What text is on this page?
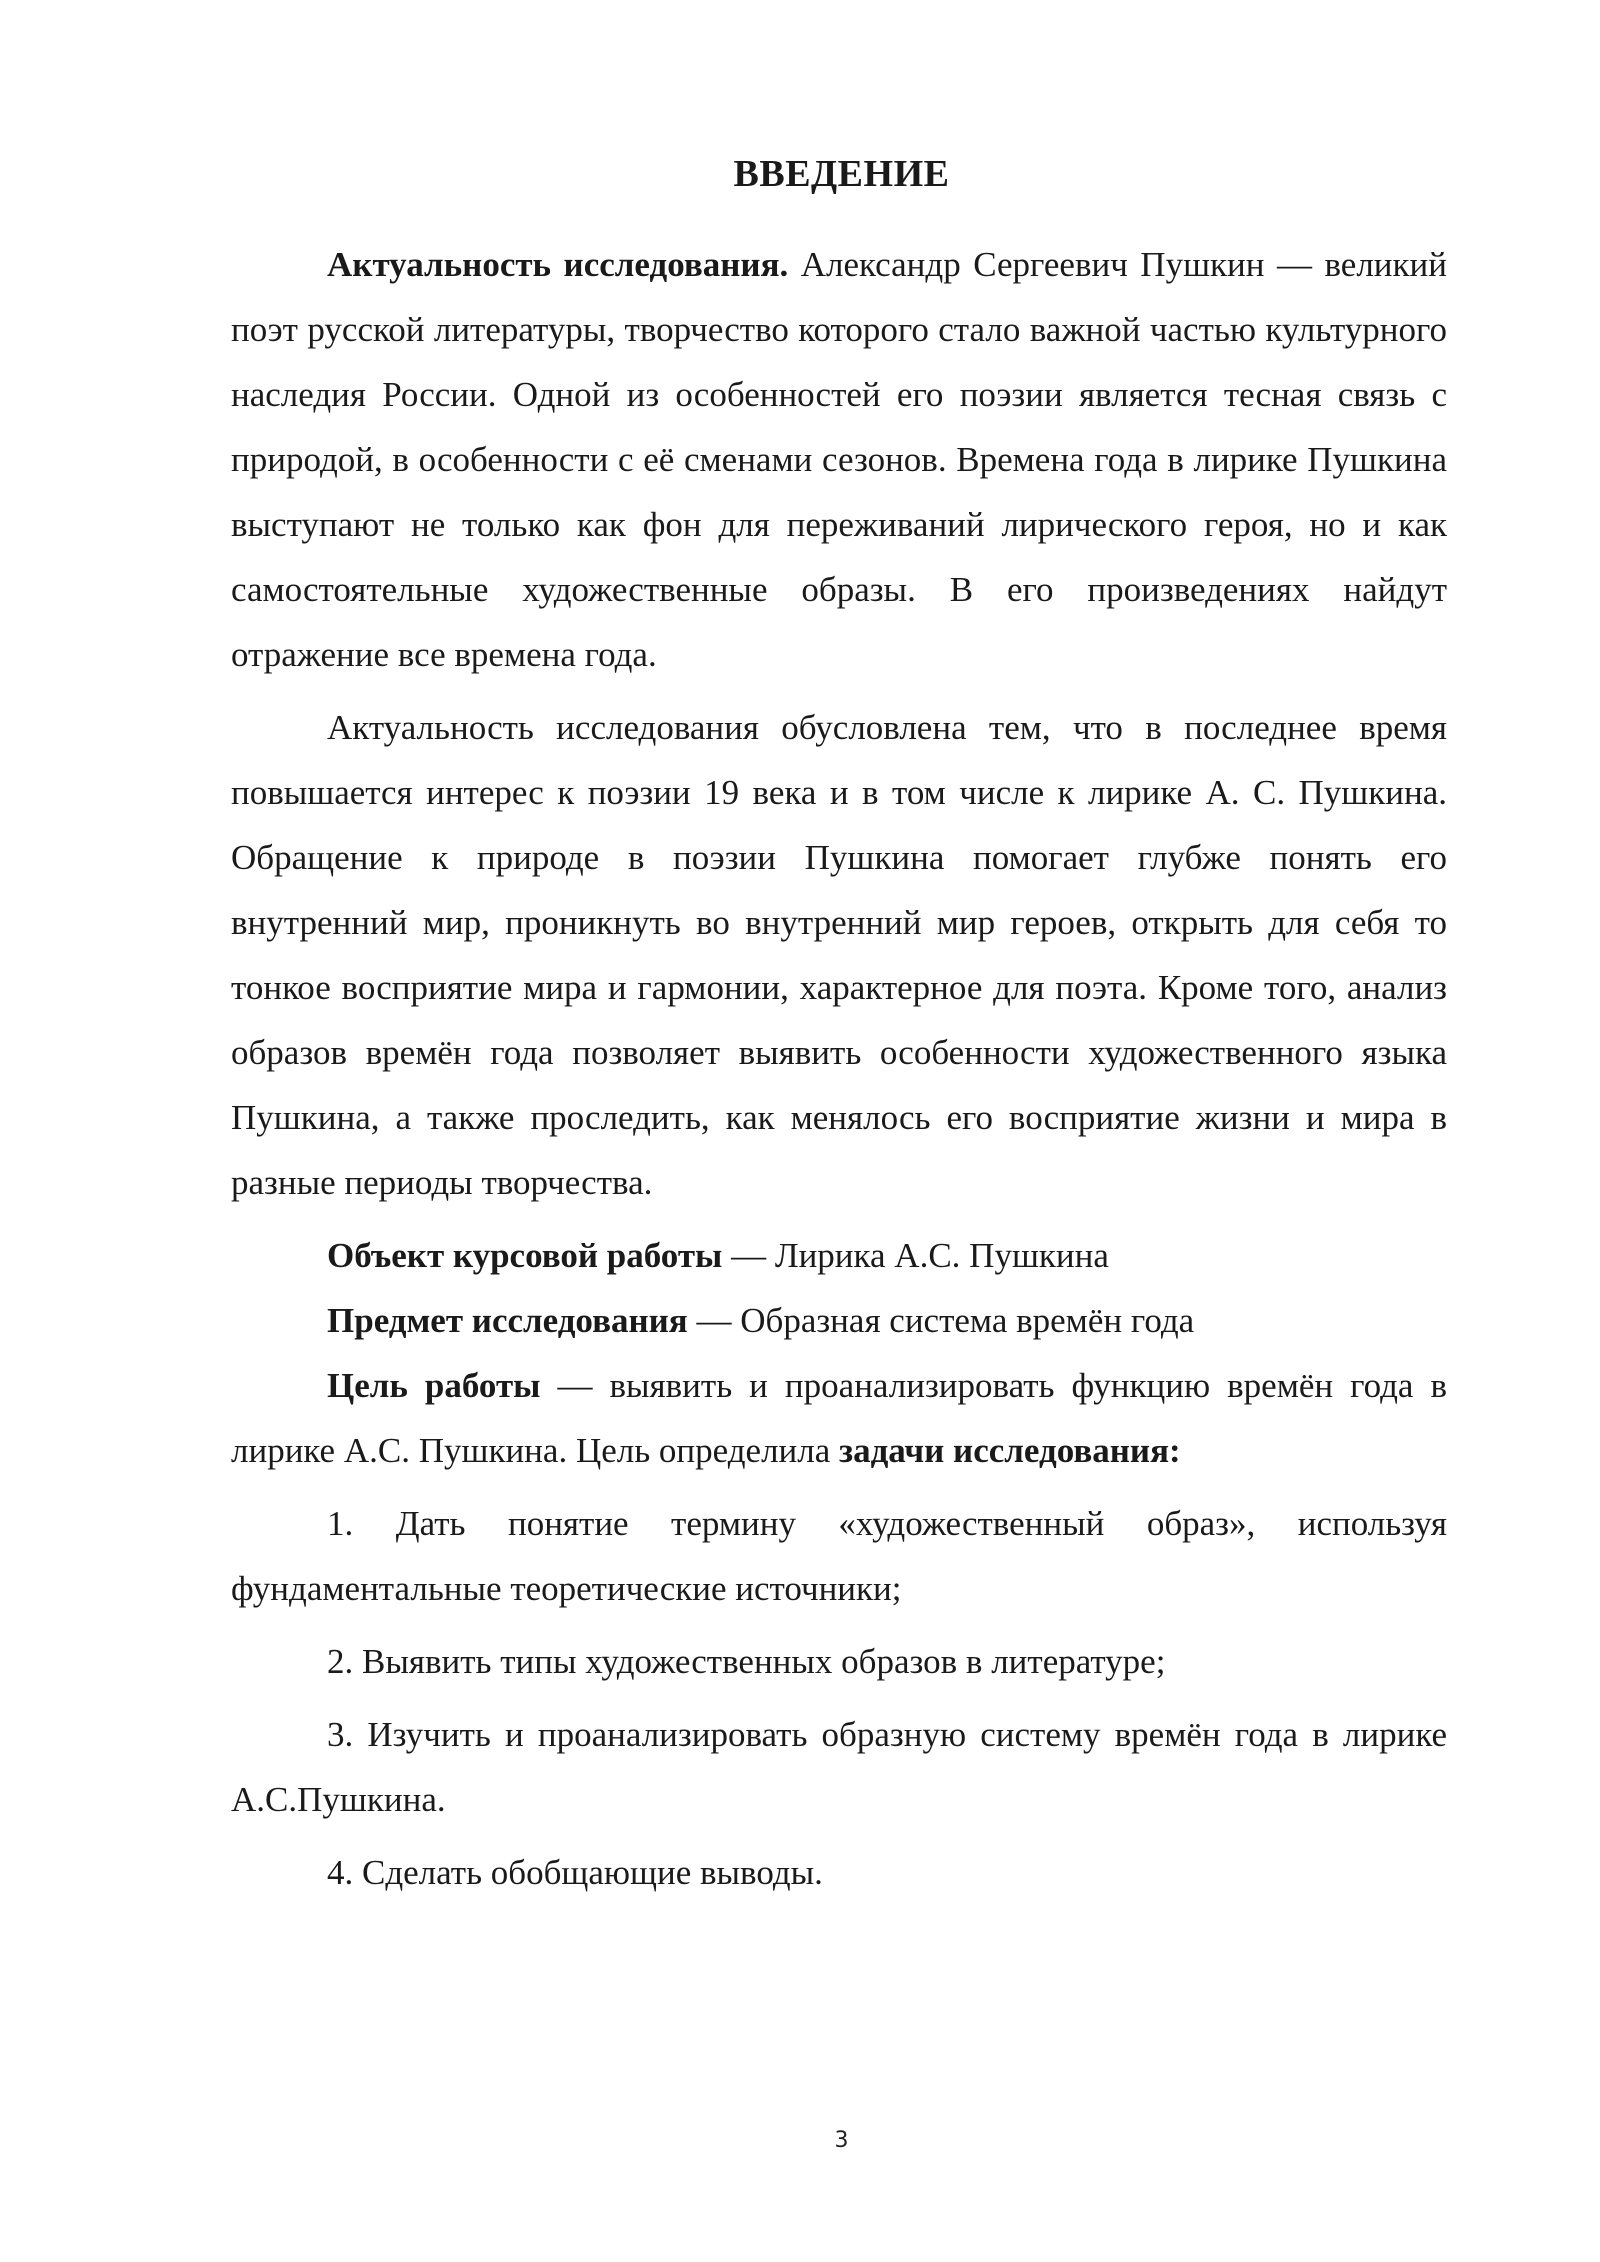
ВВЕДЕНИЕ

Актуальность исследования. Александр Сергеевич Пушкин — великий поэт русской литературы, творчество которого стало важной частью культурного наследия России. Одной из особенностей его поэзии является тесная связь с природой, в особенности с её сменами сезонов. Времена года в лирике Пушкина выступают не только как фон для переживаний лирического героя, но и как самостоятельные художественные образы. В его произведениях найдут отражение все времена года.

Актуальность исследования обусловлена тем, что в последнее время повышается интерес к поэзии 19 века и в том числе к лирике А. С. Пушкина. Обращение к природе в поэзии Пушкина помогает глубже понять его внутренний мир, проникнуть во внутренний мир героев, открыть для себя то тонкое восприятие мира и гармонии, характерное для поэта. Кроме того, анализ образов времён года позволяет выявить особенности художественного языка Пушкина, а также проследить, как менялось его восприятие жизни и мира в разные периоды творчества.

Объект курсовой работы — Лирика А.С. Пушкина

Предмет исследования — Образная система времён года

Цель работы — выявить и проанализировать функцию времён года в лирике А.С. Пушкина. Цель определила задачи исследования:

1. Дать понятие термину «художественный образ», используя фундаментальные теоретические источники;

2. Выявить типы художественных образов в литературе;

3. Изучить и проанализировать образную систему времён года в лирике А.С.Пушкина.

4. Сделать обобщающие выводы.

3
